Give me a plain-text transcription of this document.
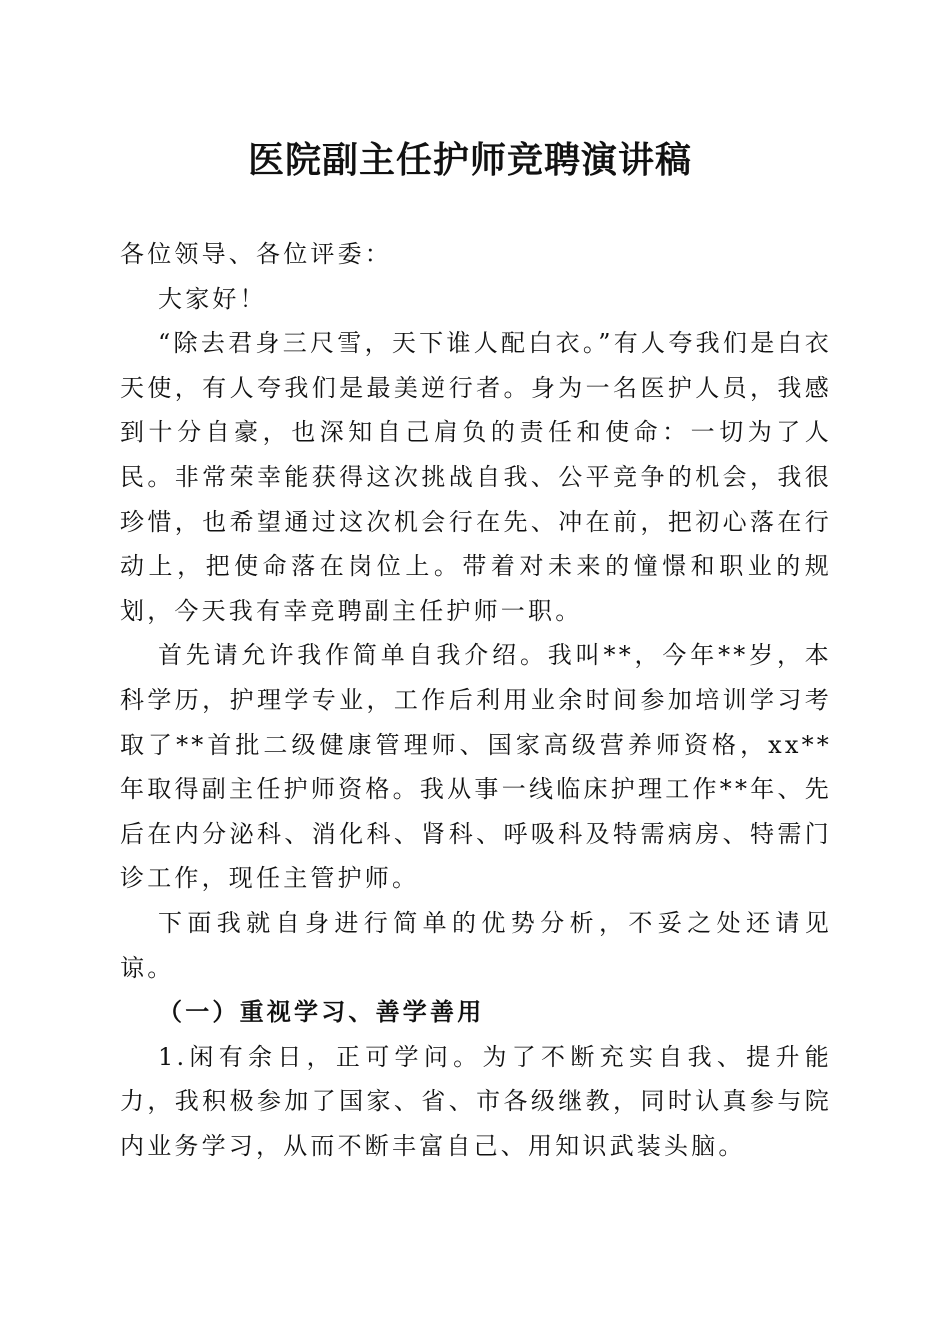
医院副主任护师竞聘演讲稿

各位领导、各位评委：

大家好！

“除去君身三尺雪，天下谁人配白衣。”有人夸我们是白衣天使，有人夸我们是最美逆行者。身为一名医护人员，我感到十分自豪，也深知自己肩负的责任和使命：一切为了人民。非常荣幸能获得这次挑战自我、公平竞争的机会，我很珍惜，也希望通过这次机会行在先、冲在前，把初心落在行动上，把使命落在岗位上。带着对未来的憧憬和职业的规划，今天我有幸竞聘副主任护师一职。

首先请允许我作简单自我介绍。我叫**，今年**岁，本科学历，护理学专业，工作后利用业余时间参加培训学习考取了**首批二级健康管理师、国家高级营养师资格，xx**年取得副主任护师资格。我从事一线临床护理工作**年、先后在内分泌科、消化科、肾科、呼吸科及特需病房、特需门诊工作，现任主管护师。

下面我就自身进行简单的优势分析，不妥之处还请见谅。

（一）重视学习、善学善用

1.闲有余日，正可学问。为了不断充实自我、提升能力，我积极参加了国家、省、市各级继教，同时认真参与院内业务学习，从而不断丰富自己、用知识武装头脑。
